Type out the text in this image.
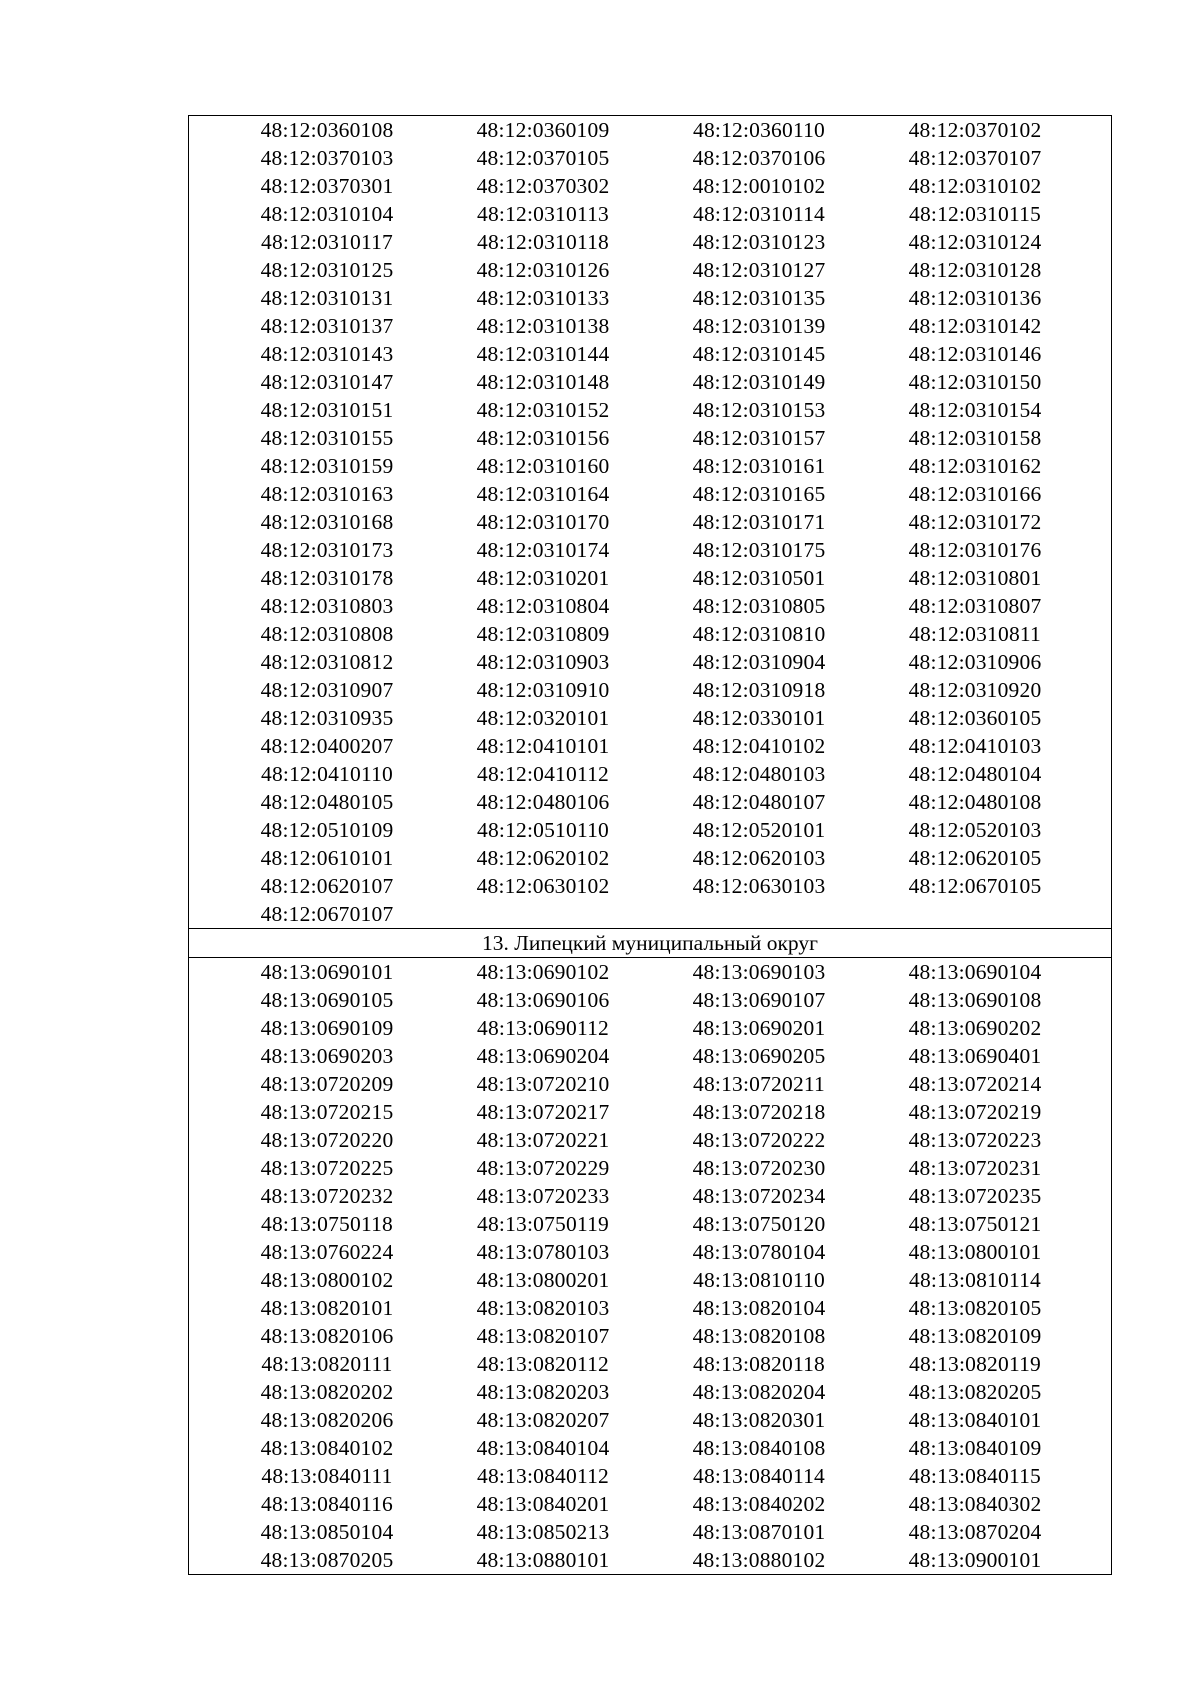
48:12:0360108	48:12:0360109	48:12:0360110	48:12:0370102

48:12:0370103	48:12:0370105	48:12:0370106	48:12:0370107

48:12:0370301	48:12:0370302	48:12:0010102	48:12:0310102

48:12:0310104	48:12:0310113	48:12:0310114	48:12:0310115

48:12:0310117	48:12:0310118	48:12:0310123	48:12:0310124

48:12:0310125	48:12:0310126	48:12:0310127	48:12:0310128

48:12:0310131	48:12:0310133	48:12:0310135	48:12:0310136

48:12:0310137	48:12:0310138	48:12:0310139	48:12:0310142

48:12:0310143	48:12:0310144	48:12:0310145	48:12:0310146

48:12:0310147	48:12:0310148	48:12:0310149	48:12:0310150

48:12:0310151	48:12:0310152	48:12:0310153	48:12:0310154

48:12:0310155	48:12:0310156	48:12:0310157	48:12:0310158

48:12:0310159	48:12:0310160	48:12:0310161	48:12:0310162

48:12:0310163	48:12:0310164	48:12:0310165	48:12:0310166

48:12:0310168	48:12:0310170	48:12:0310171	48:12:0310172

48:12:0310173	48:12:0310174	48:12:0310175	48:12:0310176

48:12:0310178	48:12:0310201	48:12:0310501	48:12:0310801

48:12:0310803	48:12:0310804	48:12:0310805	48:12:0310807

48:12:0310808	48:12:0310809	48:12:0310810	48:12:0310811

48:12:0310812	48:12:0310903	48:12:0310904	48:12:0310906

48:12:0310907	48:12:0310910	48:12:0310918	48:12:0310920

48:12:0310935	48:12:0320101	48:12:0330101	48:12:0360105

48:12:0400207	48:12:0410101	48:12:0410102	48:12:0410103

48:12:0410110	48:12:0410112	48:12:0480103	48:12:0480104

48:12:0480105	48:12:0480106	48:12:0480107	48:12:0480108

48:12:0510109	48:12:0510110	48:12:0520101	48:12:0520103

48:12:0610101	48:12:0620102	48:12:0620103	48:12:0620105

48:12:0620107	48:12:0630102	48:12:0630103	48:12:0670105

48:12:0670107

13. Липецкий муниципальный округ

48:13:0690101	48:13:0690102	48:13:0690103	48:13:0690104

48:13:0690105	48:13:0690106	48:13:0690107	48:13:0690108

48:13:0690109	48:13:0690112	48:13:0690201	48:13:0690202

48:13:0690203	48:13:0690204	48:13:0690205	48:13:0690401

48:13:0720209	48:13:0720210	48:13:0720211	48:13:0720214

48:13:0720215	48:13:0720217	48:13:0720218	48:13:0720219

48:13:0720220	48:13:0720221	48:13:0720222	48:13:0720223

48:13:0720225	48:13:0720229	48:13:0720230	48:13:0720231

48:13:0720232	48:13:0720233	48:13:0720234	48:13:0720235

48:13:0750118	48:13:0750119	48:13:0750120	48:13:0750121

48:13:0760224	48:13:0780103	48:13:0780104	48:13:0800101

48:13:0800102	48:13:0800201	48:13:0810110	48:13:0810114

48:13:0820101	48:13:0820103	48:13:0820104	48:13:0820105

48:13:0820106	48:13:0820107	48:13:0820108	48:13:0820109

48:13:0820111	48:13:0820112	48:13:0820118	48:13:0820119

48:13:0820202	48:13:0820203	48:13:0820204	48:13:0820205

48:13:0820206	48:13:0820207	48:13:0820301	48:13:0840101

48:13:0840102	48:13:0840104	48:13:0840108	48:13:0840109

48:13:0840111	48:13:0840112	48:13:0840114	48:13:0840115

48:13:0840116	48:13:0840201	48:13:0840202	48:13:0840302

48:13:0850104	48:13:0850213	48:13:0870101	48:13:0870204

48:13:0870205	48:13:0880101	48:13:0880102	48:13:0900101
